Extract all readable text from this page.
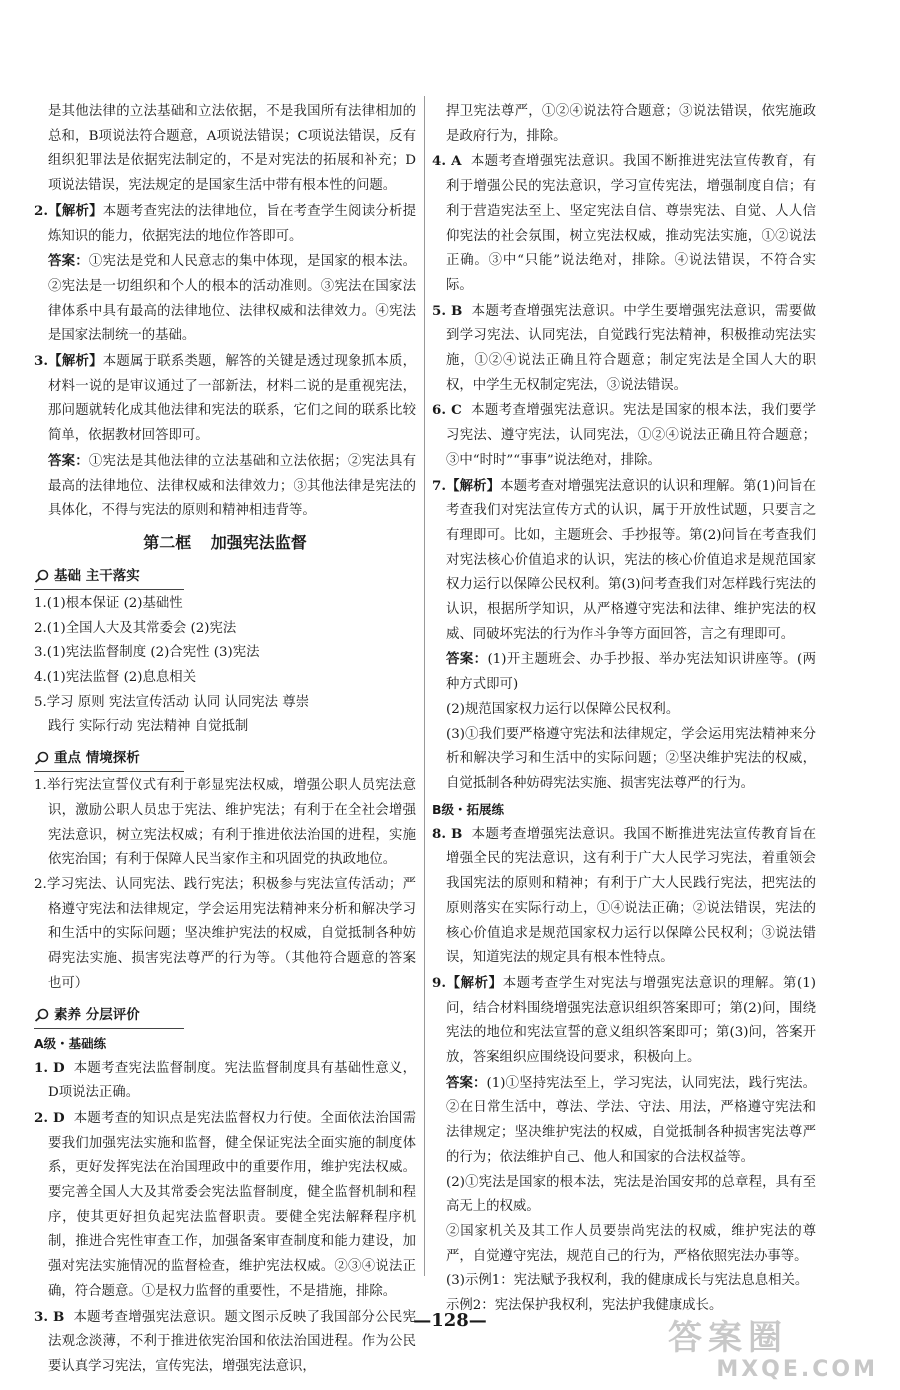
是其他法律的立法基础和立法依据，不是我国所有法律相加的总和，B项说法符合题意，A项说法错误；C项说法错误，反有组织犯罪法是依据宪法制定的，不是对宪法的拓展和补充；D项说法错误，宪法规定的是国家生活中带有根本性的问题。

2.【解析】本题考查宪法的法律地位，旨在考查学生阅读分析提炼知识的能力，依据宪法的地位作答即可。

答案：①宪法是党和人民意志的集中体现，是国家的根本法。②宪法是一切组织和个人的根本的活动准则。③宪法在国家法律体系中具有最高的法律地位、法律权威和法律效力。④宪法是国家法制统一的基础。

3.【解析】本题属于联系类题，解答的关键是透过现象抓本质，材料一说的是审议通过了一部新法，材料二说的是重视宪法，那问题就转化成其他法律和宪法的联系，它们之间的联系比较简单，依据教材回答即可。

答案：①宪法是其他法律的立法基础和立法依据；②宪法具有最高的法律地位、法律权威和法律效力；③其他法律是宪法的具体化，不得与宪法的原则和精神相违背等。

第二框 加强宪法监督
基础 主干落实

1.(1)根本保证 (2)基础性

2.(1)全国人大及其常委会 (2)宪法

3.(1)宪法监督制度 (2)合宪性 (3)宪法

4.(1)宪法监督 (2)息息相关

5.学习 原则 宪法宣传活动 认同 认同宪法 尊崇

践行 实际行动 宪法精神 自觉抵制

重点 情境探析

1.举行宪法宣誓仪式有利于彰显宪法权威，增强公职人员宪法意识，激励公职人员忠于宪法、维护宪法；有利于在全社会增强宪法意识，树立宪法权威；有利于推进依法治国的进程，实施依宪治国；有利于保障人民当家作主和巩固党的执政地位。

2.学习宪法、认同宪法、践行宪法；积极参与宪法宣传活动；严格遵守宪法和法律规定，学会运用宪法精神来分析和解决学习和生活中的实际问题；坚决维护宪法的权威，自觉抵制各种妨碍宪法实施、损害宪法尊严的行为等。（其他符合题意的答案也可）

素养 分层评价
A级・基础练

1. D 本题考查宪法监督制度。宪法监督制度具有基础性意义，D项说法正确。

2. D 本题考查的知识点是宪法监督权力行使。全面依法治国需要我们加强宪法实施和监督，健全保证宪法全面实施的制度体系，更好发挥宪法在治国理政中的重要作用，维护宪法权威。要完善全国人大及其常委会宪法监督制度，健全监督机制和程序，使其更好担负起宪法监督职责。要健全宪法解释程序机制，推进合宪性审查工作，加强备案审查制度和能力建设，加强对宪法实施情况的监督检查，维护宪法权威。②③④说法正确，符合题意。①是权力监督的重要性，不是措施，排除。

3. B 本题考查增强宪法意识。题文图示反映了我国部分公民宪法观念淡薄，不利于推进依宪治国和依法治国进程。作为公民要认真学习宪法，宣传宪法，增强宪法意识，

捍卫宪法尊严，①②④说法符合题意；③说法错误，依宪施政是政府行为，排除。

4. A 本题考查增强宪法意识。我国不断推进宪法宣传教育，有利于增强公民的宪法意识，学习宣传宪法，增强制度自信；有利于营造宪法至上、坚定宪法自信、尊崇宪法、自觉、人人信仰宪法的社会氛围，树立宪法权威，推动宪法实施，①②说法正确。③中“只能”说法绝对，排除。④说法错误，不符合实际。

5. B 本题考查增强宪法意识。中学生要增强宪法意识，需要做到学习宪法、认同宪法，自觉践行宪法精神，积极推动宪法实施，①②④说法正确且符合题意；制定宪法是全国人大的职权，中学生无权制定宪法，③说法错误。

6. C 本题考查增强宪法意识。宪法是国家的根本法，我们要学习宪法、遵守宪法，认同宪法，①②④说法正确且符合题意；③中“时时”“事事”说法绝对，排除。

7.【解析】本题考查对增强宪法意识的认识和理解。第(1)问旨在考查我们对宪法宣传方式的认识，属于开放性试题，只要言之有理即可。比如，主题班会、手抄报等。第(2)问旨在考查我们对宪法核心价值追求的认识，宪法的核心价值追求是规范国家权力运行以保障公民权利。第(3)问考查我们对怎样践行宪法的认识，根据所学知识，从严格遵守宪法和法律、维护宪法的权威、同破坏宪法的行为作斗争等方面回答，言之有理即可。

答案：(1)开主题班会、办手抄报、举办宪法知识讲座等。(两种方式即可)

(2)规范国家权力运行以保障公民权利。

(3)①我们要严格遵守宪法和法律规定，学会运用宪法精神来分析和解决学习和生活中的实际问题；②坚决维护宪法的权威，自觉抵制各种妨碍宪法实施、损害宪法尊严的行为。

B级・拓展练

8. B 本题考查增强宪法意识。我国不断推进宪法宣传教育旨在增强全民的宪法意识，这有利于广大人民学习宪法，着重领会我国宪法的原则和精神；有利于广大人民践行宪法，把宪法的原则落实在实际行动上，①④说法正确；②说法错误，宪法的核心价值追求是规范国家权力运行以保障公民权利；③说法错误，知道宪法的规定具有根本性特点。

9.【解析】本题考查学生对宪法与增强宪法意识的理解。第(1)问，结合材料围绕增强宪法意识组织答案即可；第(2)问，围绕宪法的地位和宪法宣誓的意义组织答案即可；第(3)问，答案开放，答案组织应围绕设问要求，积极向上。

答案：(1)①坚持宪法至上，学习宪法，认同宪法，践行宪法。②在日常生活中，尊法、学法、守法、用法，严格遵守宪法和法律规定；坚决维护宪法的权威，自觉抵制各种损害宪法尊严的行为；依法维护自己、他人和国家的合法权益等。

(2)①宪法是国家的根本法，宪法是治国安邦的总章程，具有至高无上的权威。

②国家机关及其工作人员要崇尚宪法的权威，维护宪法的尊严，自觉遵守宪法，规范自己的行为，严格依照宪法办事等。

(3)示例1：宪法赋予我权利，我的健康成长与宪法息息相关。

示例2：宪法保护我权利，宪法护我健康成长。

—128—	答案圈
MXQE.COM
